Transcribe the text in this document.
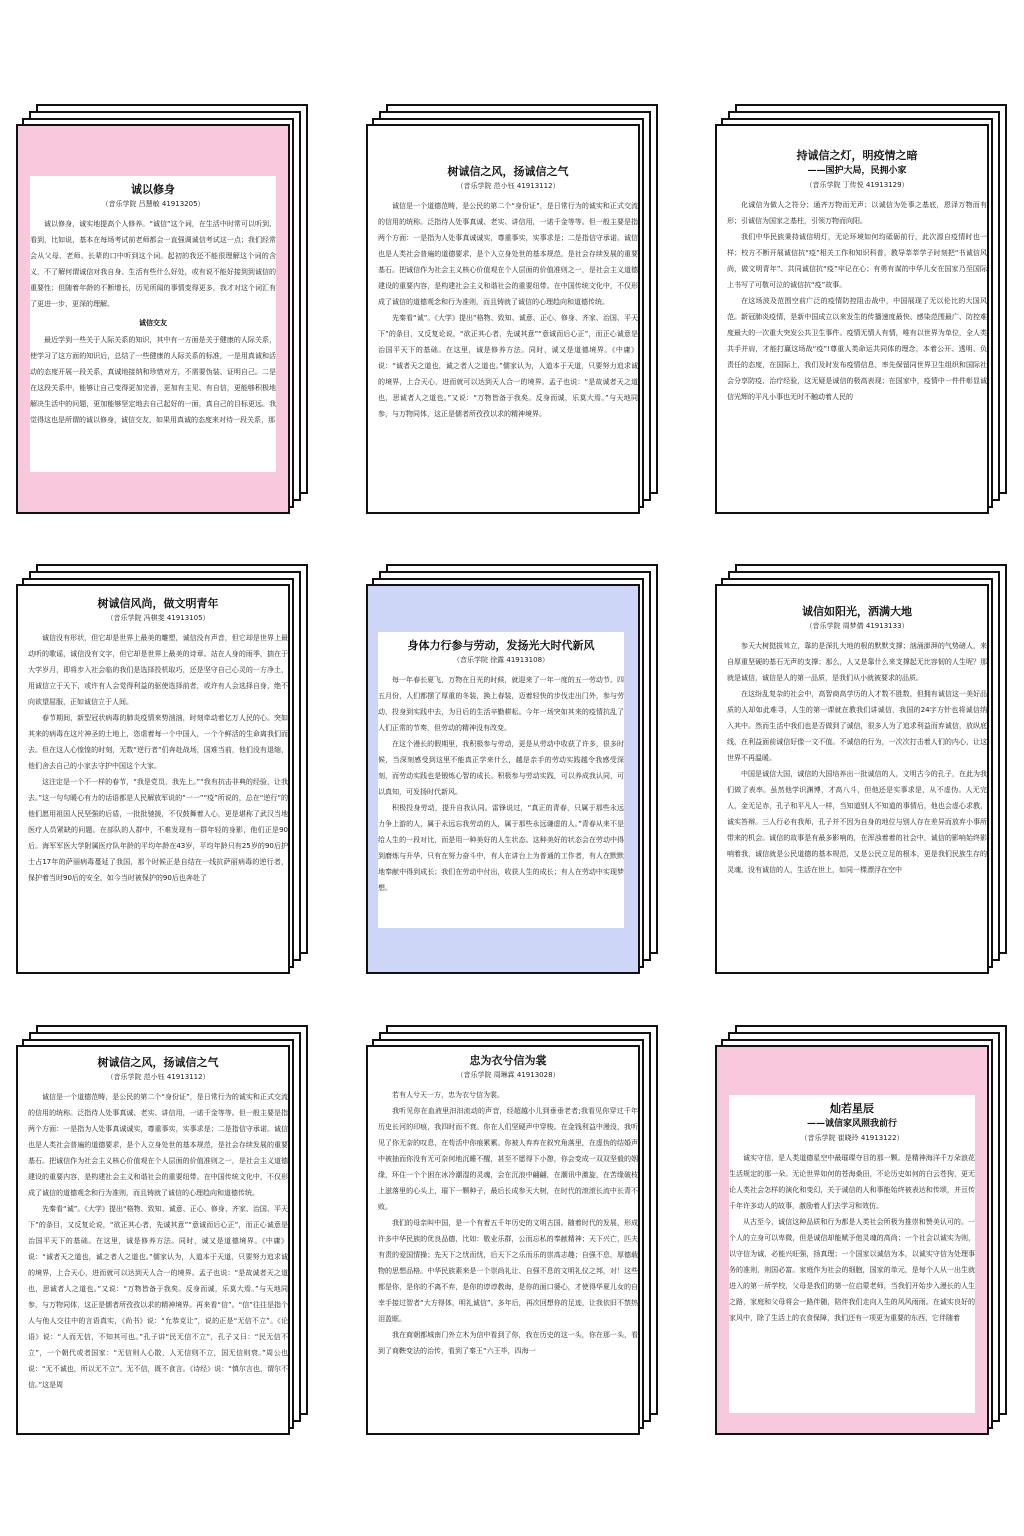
诚以修身
（音乐学院 吕慧敏 41913205）

诚以修身，诚实地提高个人修养。“诚信”这个词，在生活中时常可以听到、看到，比如说，基本在每场考试前老师都会一直强调诚信考试这一点；我们经常会从父母、老师、长辈的口中听到这个词。起初的我还不能很理解这个词的含义，不了解何谓诚信对我自身、生活有些什么好处，或有说不能好接到到诚信的重要性；但随着年龄的不断增长，历见所闻的事情变得更多，我才对这个词汇有了更进一步、更深的理解。

诚信交友

最近学到一些关于人际关系的知识，其中有一方面是关于健康的人际关系，使学习了这方面的知识后，总结了一些健康的人际关系的标准，一是用真诚和活动的态度开展一段关系，真诚地接纳和珍惜对方，不需要伪装、证明自己。二是在这段关系中，能够让自己变得更加完善，更加有主见、有自信，更能够积极地解决生活中的问题，更加能够坚定地去自己起好的一面，真自己的目标更远。我觉得这也是所谓的诚以修身，诚信交友，如果用真诚的态度来对待一段关系，那

树诚信之风，扬诚信之气
（音乐学院 范小钰 41913112）

诚信是一个道德范畴，是公民的第二个“身份证”，是日常行为的诚实和正式交流的信用的统称。泛指待人处事真诚、老实、讲信用，一诺千金等等。但一般主要是指两个方面：一是指为人处事真诚诚实，尊重事实，实事求是；二是指信守承诺。诚信也是人类社会普遍的道德要求，是个人立身处世的基本规范，是社会存续发展的重要基石。把诚信作为社会主义核心价值观在个人层面的价值准则之一，是社会主义道德建设的重要内容，是构建社会主义和谐社会的重要纽带。在中国传统文化中，不仅形成了诚信的道德观念和行为准则，而且铸就了诚信的心理趋向和道德传统。

先秦看“诚”。《大学》提出“格物、致知、诚意、正心、修身、齐家、治国、平天下”的条目，又反复论说，“欲正其心者，先诚其意”“意诚而后心正”，而正心诚意是治国平天下的基础。在这里，诚是修养方法。同时，诚又是道德境界。《中庸》说：“诚者天之道也，诚之者人之道也。”儒家认为，人道本于天道，只要努力追求诚的境界，上合天心，进而就可以达到天人合一的境界。孟子也说：“是故诚者天之道也，思诚者人之道也。”又说：“万物皆备于我矣。反身而诚，乐莫大焉。”与天地同参，与万物同体，这正是儒者所孜孜以求的精神境界。

持诚信之灯，明疫情之暗
——国护大局，民拥小家
（音乐学院 丁传悦 41913129）

化诚信为做人之符分；通齐万物而无声；以诚信为处事之基底，恩泽万物而有形；引诚信为国家之基柱，引领万物而向阳。

我们中华民族秉持诚信明灯，无论环境如何均砥砺前行，此次源自疫情时也一样；校方不断开展诚信抗“疫”相关工作和知识科普，教导莘莘学子时刻把“书诚信风尚，做文明青年”、共同诚信抗“疫”牢记在心；有勇有谋的中华儿女在国家乃至国际上书写了可敬可泣的诚信抗“疫”故事。

在这场波及范围空前广泛的疫情防控阻击战中，中国展现了无以伦比的大国风范。新冠肺炎疫情，是新中国成立以来发生的传播速度最快、感染范围最广、防控难度最大的一次重大突发公共卫生事件。疫情无情人有情，唯有以世界为单位，全人类共手并肩，才能打赢这场战“疫”!尊重人类命运共同体的理念，本着公开、透明、负责任的态度，在国际上，我们及时发布疫情信息，率先保留同世界卫生组织和国际社会分享防疫、治疗经验，这无疑是诚信的极高表现；在国家中，疫情中一件件彰显诚信光辉的平凡小事也无时不触动着人民的

树诚信风尚，做文明青年
（音乐学院 冯棋斐 41913105）

诚信没有形状，但它却是世界上最美的雕塑，诚信没有声音，但它却是世界上最动听的歌谣，诚信没有文字，但它却是世界上最美的诗章。站在人身的雨季，揣在于大学岁月，即将步入社会临的我们是选择投机取巧，还是坚守自己心灵的一方净土，用诚信立于天下，或许有人会觉得利益的驱使选择前者，或许有人会选择自身，绝不向欲望屈服，正如诚信立于人间。

春节期间，新型冠状病毒的肺炎疫情来势汹汹，时刻牵动着亿万人民的心。突如其来的病毒在这片神圣的土地上，恣虐着每一个中国人，一个个鲜活的生命离我们而去。但在这人心惶惶的时刻，无数“逆行者”们奔赴战场，国难当前，他们没有退缩，他们舍去自己的小家去守护中国这个大家。

这注定是一个不一样的春节，“我是党员，我先上。”“我有抗击非典的经验，让我去。”这一句句暖心有力的话语都是人民解放军说的“一一”“疫”所说的，总在“逆行”的他们愿用祖国人民坚强的后盾，一批批驰援，不仅鼓舞着人心，更是堪称了武汉当地医疗人员紧缺的问题。在部队的人群中，不难发现有一群年轻的身影，他们正是90后。海军军医大学附属医疗队年龄的平均年龄在43岁，平均年龄只有25岁的90后护士占17年的萨丽病毒蔓延了我国，那个时候正是自结在一线抗萨丽病毒的逆行者，保护着当时90后的安全，如今当时被保护的90后也奔赴了

身体力行参与劳动，发扬光大时代新风
（音乐学院 徐露 41913108）

每一年春长夏飞，万物在日光的时候，就迎来了一年一度的五一劳动节。四五月份，人们都摆了厚重的冬装，换上春装，迈着轻快的步伐走出门外，参与劳动，投身到实践中去，为日后的生活辛勤耕耘。今年一场突如其来的疫情抗乱了人们正常的节奏，但劳动的精神没有改变。

在这个漫长的假期里，我积极参与劳动，更是从劳动中收获了许多，很多时候，当深刻感受到这里不能真正学来什么，越是亲手的劳动实践越令我感受深刻，而劳动实践也是锻炼心智的成长。积极参与劳动实践，可以养成我认同，可以真知，可发扬时代新风。

积极投身劳动，提升自我认同。雷锋说过，“真正的青春，只属于那些永远力争上游的人，属于永远忘我劳动的人，属于那些永远谦虚的人。”青春从来不是给人生的一段对比，而是用一种美好的人生状态。这种美好的状态会在劳动中得到磨炼与升华，只有在努力奋斗中，有人在讲台上为普通的工作者，有人在默默地奉献中得到成长；我们在劳动中付出，收获人生的成长；有人在劳动中实现梦想。

诚信如阳光，洒满大地
（音乐学院 周梦倩 41913133）

参天大树挺拔耸立，靠的是深扎大地的根的默默支撑；汹涌澎湃的气势磅人，来自厚重坚硬的基石无声的支撑；那么，人又是靠什么来支撑起无比容韧的人生呢？那就是诚信，诚信是人的第一品质，是我们从小就被要求的品质。

在这纷乱复杂的社会中，高智商高学历的人才数不胜数，但拥有诚信这一美好品质的人却如此难寻，人生的第一课就在教我们讲诚信，我国的24字方针也将诚信纳入其中。然而生活中我们也是否做到了诚信，很多人为了追求利益而弃诚信，放纵底线，在利益面前诚信好像一文不值。不诚信的行为，一次次打击着人们的内心，让这世界不再温暖。

中国是诚信大国，诚信的大国培养出一批诚信的人，文明古今的孔子，在此为我们做了表率。虽然他学识渊博，才高八斗，但他还是实事求是，从不虚伪。人无完人，金无足赤，孔子和平凡人一样，当知道别人不知道的事情后，他也会虚心求教，诚实答辩。三人行必有我师，孔子并不因为自身的地位与别人存在差异而放弃小事所带来的机会。诚信的故事是有最多影响的，在浑浊着着的社会中，诚信的影响始终影响着我，诚信就是公民道德的基本规范，又是公民立足的根本，更是我们民族生存的灵魂，没有诚信的人，生活在世上，如同一棵漂浮在空中

树诚信之风，扬诚信之气
（音乐学院 范小钰 41913112）

诚信是一个道德范畴，是公民的第二个“身份证”，是日常行为的诚实和正式交流的信用的统称。泛指待人处事真诚、老实、讲信用，一诺千金等等。但一般主要是指两个方面：一是指为人处事真诚诚实，尊重事实，实事求是；二是指信守承诺。诚信也是人类社会普遍的道德要求，是个人立身处世的基本规范，是社会存续发展的重要基石。把诚信作为社会主义核心价值观在个人层面的价值准则之一，是社会主义道德建设的重要内容，是构建社会主义和谐社会的重要纽带。在中国传统文化中，不仅形成了诚信的道德观念和行为准则，而且铸就了诚信的心理趋向和道德传统。

先秦看“诚”。《大学》提出“格物、致知、诚意、正心、修身、齐家、治国、平天下”的条目，又反复论说，“欲正其心者，先诚其意”“意诚而后心正”，而正心诚意是治国平天下的基础。在这里，诚是修养方法。同时，诚又是道德境界。《中庸》说：“诚者天之道也，诚之者人之道也。”儒家认为，人道本于天道，只要努力追求诚的境界，上合天心，进而就可以达到天人合一的境界。孟子也说：“是故诚者天之道也，思诚者人之道也。”又说：“万物皆备于我矣。反身而诚，乐莫大焉。”与天地同参，与万物同体，这正是儒者所孜孜以求的精神境界。再来看“信”。“信”往往是指个人与他人交往中的言语真实，《尚书》说：“允恭克让”，说的正是“无信不立”。《论语》说：“人而无信，不知其可也。”孔子讲“民无信不立”，孔子又曰：“民无信不立”，一个朝代或者国家：“无信则人心散，人无信则不立，国无信则衰。”周公也说：“无不诚也，所以无不立”。无不信，既不食言。《诗经》说：“慎尔言也，谓尔不信。”这是周

忠为衣兮信为裳
（音乐学院 周琳霖 41913028）

若有人兮天一方，忠为衣兮信为裳。

我听见你在血液里汩汩流动的声音，经超越小儿到垂垂老者;我看见你穿过千年历史长河的印痕，我四时而不衰。你在人们坚硬声中穿梭。在金钱利益中漫没，我听见了你无奈的叹息，在苟活中你痕累累。你被人弃弃在叙究角落里，在虚伪的结婚声中被抽而你没有无可奈何地沉睡不醒，甚至不愿得下小憩，你会变成一双双坚毅的姻缘，环住一个个困在冰冷潮湿的灵魂，会在沉浪中翩翩，在潮讯中激旋，在苦缘破枝上滋落里的心头上，璀下一颗种子，最后长成参天大树，在时代的滚滚长流中长青不败。

我们的母亲叫中国，是一个有着五千年历史的文明古国。随着时代的发展，形成许多中华民族的优良品德，比如：敬业乐群，公而忘私的奉献精神；天下兴亡，匹夫有责的爱国情操；先天下之忧而忧，后天下之乐而乐的崇高志趣；自强不息，厚德载物的思想品格。中华民族素来是一个崇尚礼让、自强不息的文明礼仪之邦，对！这些都是你，是你的不离不弃，是你的谆谆教诲，是你的面口婆心，才使得华夏儿女的自幸手接过智者“大方得体，明礼诚信”。多年后，再次回想你的足迹，让我依旧不禁热泪盈眶。

我在商朝都城南门外立木为信中看到了你，我在历史的这一头，你在那一头，看到了商鞅变法的治传，看到了秦王“六王毕，四海一

灿若星辰
——诚信家风照我前行
（音乐学院 崔晓玲 41913122）

诚实守信，是人类道德星空中最璀璨夺目的那一颗。是精神海洋千万朵浪花生活规定的那一朵。无论世界如何的苍海桑田，不论历史如何的白云苍狗，更无论人类社会怎样的演化和变幻，关于诚信的人和事能始终被表达和传颂，并亘传千年许多动人的故事，激励着人们去学习和效仿。

从古至今，诚信这种品质和行为都是人类社会所极为推崇和赞美认可的。一个人的立身可以卑微，但是诚信却能赋予他灵魂的高尚；一个社会以诚实为则，以守信为诚，必能兴旺强，扬真理；一个国家以诚信为本，以诚实守信为处理事务的准则，则国必富。家庭作为社会的细胞，国家的单元，是每个人从一出生就进入的第一所学校，父母是我们的第一位启蒙老师，当我们开始步入漫长的人生之路，家庭和父母将会一路伴随，陪伴我们走向人生的风风雨雨。在诚实良好的家风中，除了生活上的衣食保障，我们还有一项更为重要的东西，它伴随着
